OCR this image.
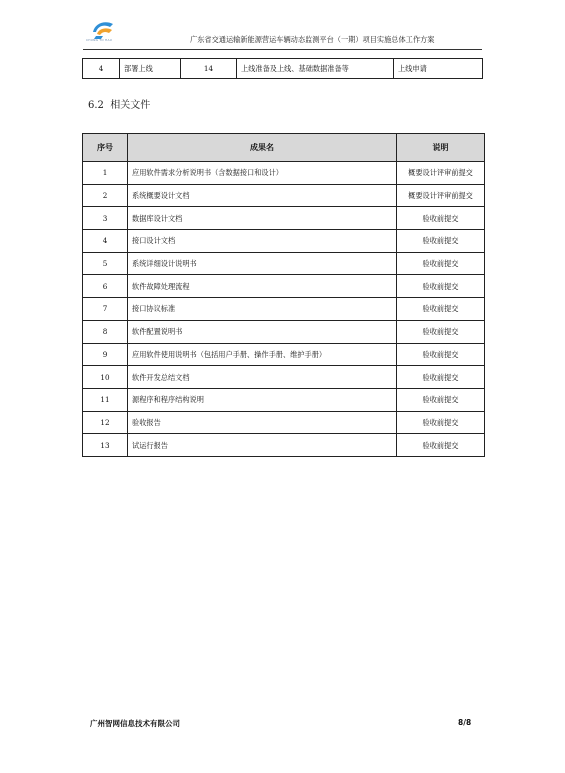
CHUNG TO HAU	广东省交通运输新能源营运车辆动态监测平台（一期）项目实施总体工作方案
4	部署上线	14	上线准备及上线、基础数据准备等	上线申请
6.2 相关文件
序号	成果名	说明
1	应用软件需求分析说明书（含数据接口和设计）	概要设计评审前提交
2	系统概要设计文档	概要设计评审前提交
3	数据库设计文档	验收前提交
4	接口设计文档	验收前提交
5	系统详细设计说明书	验收前提交
6	软件故障处理流程	验收前提交
7	接口协议标准	验收前提交
8	软件配置说明书	验收前提交
9	应用软件使用说明书（包括用户手册、操作手册、维护手册）	验收前提交
10	软件开发总结文档	验收前提交
11	源程序和程序结构说明	验收前提交
12	验收报告	验收前提交
13	试运行报告	验收前提交
广州智网信息技术有限公司	8/8
